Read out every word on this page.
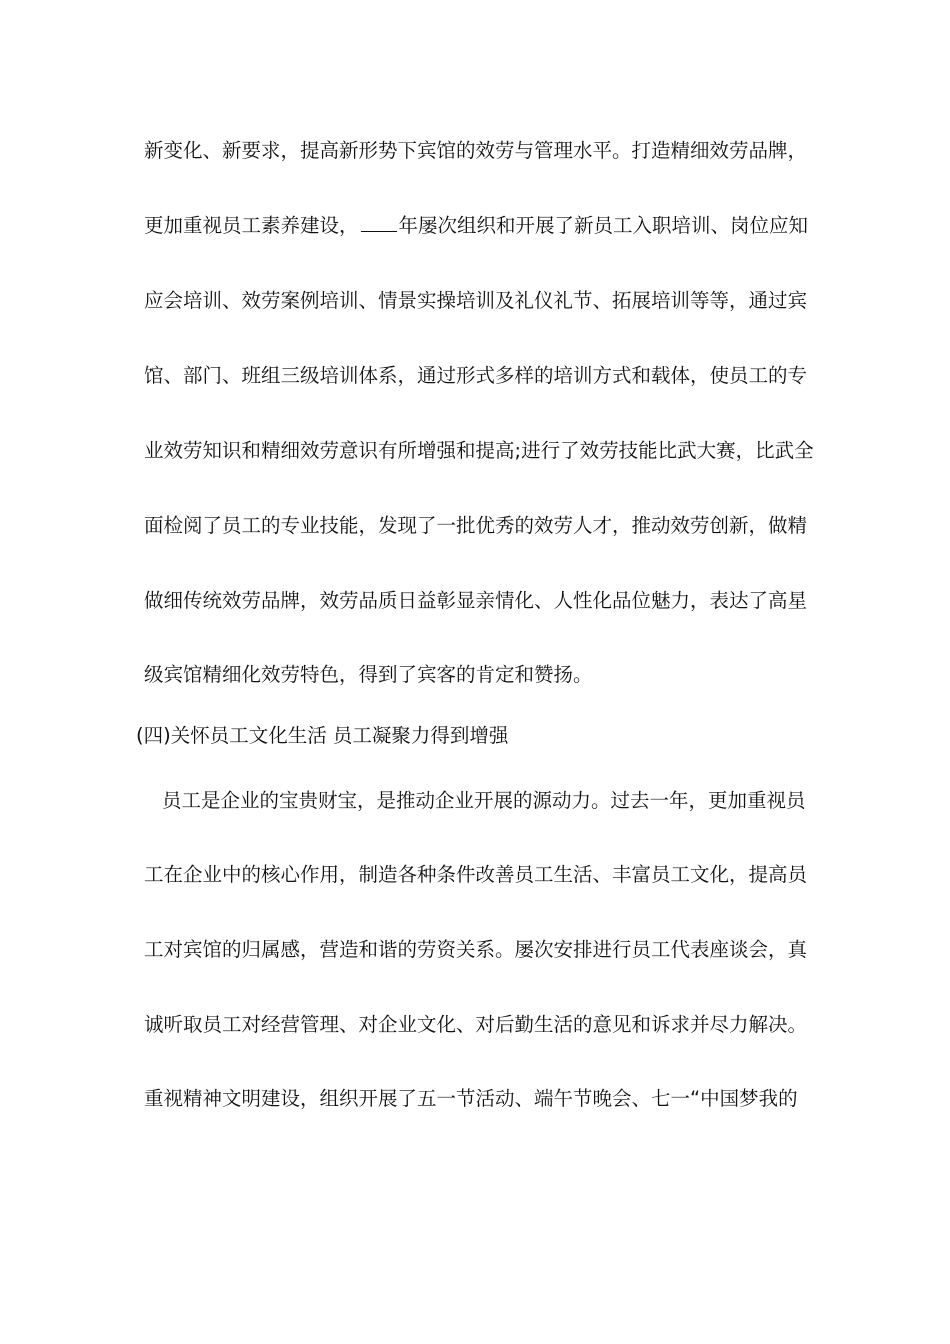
新变化、新要求，提高新形势下宾馆的效劳与管理水平。打造精细效劳品牌，
更加重视员工素养建设， 年屡次组织和开展了新员工入职培训、岗位应知
应会培训、效劳案例培训、情景实操培训及礼仪礼节、拓展培训等等，通过宾
馆、部门、班组三级培训体系，通过形式多样的培训方式和载体，使员工的专
业效劳知识和精细效劳意识有所增强和提高;进行了效劳技能比武大赛，比武全
面检阅了员工的专业技能，发现了一批优秀的效劳人才，推动效劳创新，做精
做细传统效劳品牌，效劳品质日益彰显亲情化、人性化品位魅力，表达了高星
级宾馆精细化效劳特色，得到了宾客的肯定和赞扬。
(四)关怀员工文化生活 员工凝聚力得到增强
员工是企业的宝贵财宝，是推动企业开展的源动力。过去一年，更加重视员
工在企业中的核心作用，制造各种条件改善员工生活、丰富员工文化，提高员
工对宾馆的归属感，营造和谐的劳资关系。屡次安排进行员工代表座谈会，真
诚听取员工对经营管理、对企业文化、对后勤生活的意见和诉求并尽力解决。
重视精神文明建设，组织开展了五一节活动、端午节晚会、七一“中国梦我的
